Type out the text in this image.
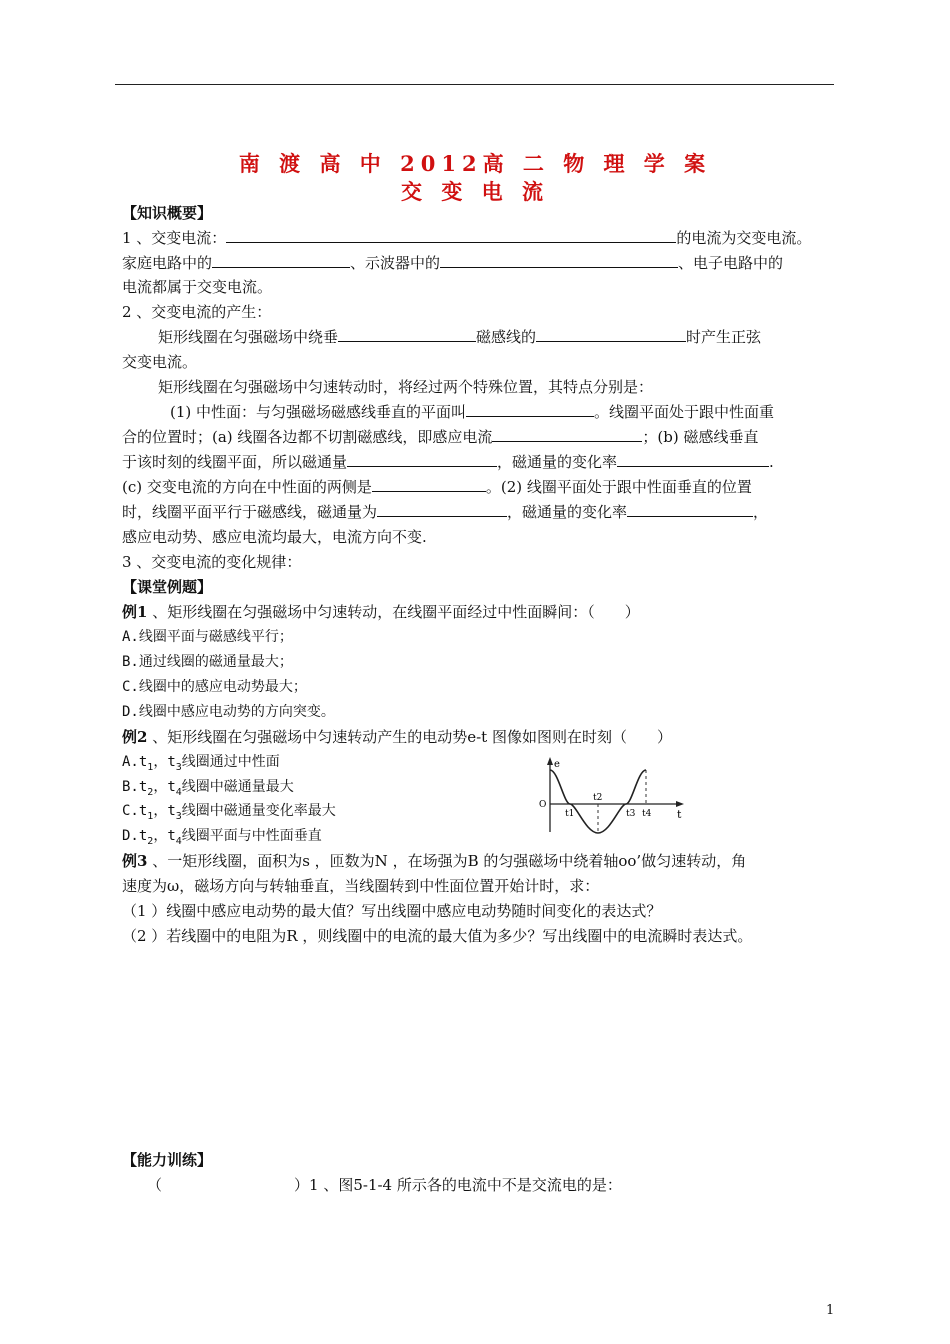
南 渡 高 中 2012高 二 物 理 学 案
交 变 电 流
【知识概要】
1 、交变电流：	的电流为交变电流。
家庭电路中的	、示波器中的	、电子电路中的
电流都属于交变电流。
2 、交变电流的产生：
矩形线圈在匀强磁场中绕垂	磁感线的	时产生正弦
交变电流。
矩形线圈在匀强磁场中匀速转动时，将经过两个特殊位置，其特点分别是：
(1) 中性面：与匀强磁场磁感线垂直的平面叫	。线圈平面处于跟中性面重
合的位置时；(a) 线圈各边都不切割磁感线，即感应电流	；(b) 磁感线垂直
于该时刻的线圈平面，所以磁通量	，磁通量的变化率	.
(c) 交变电流的方向在中性面的两侧是	。(2) 线圈平面处于跟中性面垂直的位置
时，线圈平面平行于磁感线，磁通量为	，磁通量的变化率	，
感应电动势、感应电流均最大，电流方向不变.
3 、交变电流的变化规律：
【课堂例题】
例1 、矩形线圈在匀强磁场中匀速转动，在线圈平面经过中性面瞬间：（　　）
A.线圈平面与磁感线平行；
B.通过线圈的磁通量最大；
C.线圈中的感应电动势最大；
D.线圈中感应电动势的方向突变。
例2 、矩形线圈在匀强磁场中匀速转动产生的电动势e-t 图像如图则在时刻（　　）
$A.t_1$，$t_3$线圈通过中性面
$B.t_2$，$t_4$线圈中磁通量最大
$C.t_1$，$t_3$线圈中磁通量变化率最大
$D.t_2$，$t_4$线圈平面与中性面垂直
e
t
O
t1
t2
t3 t4
例3 、一矩形线圈，面积为s ，匝数为N ，在场强为B 的匀强磁场中绕着轴oo’做匀速转动，角
速度为ω，磁场方向与转轴垂直，当线圈转到中性面位置开始计时，求：
（1 ）线圈中感应电动势的最大值？写出线圈中感应电动势随时间变化的表达式？
（2 ）若线圈中的电阻为R ，则线圈中的电流的最大值为多少？写出线圈中的电流瞬时表达式。
【能力训练】
（	）1 、图5-1-4 所示各的电流中不是交流电的是：
1
